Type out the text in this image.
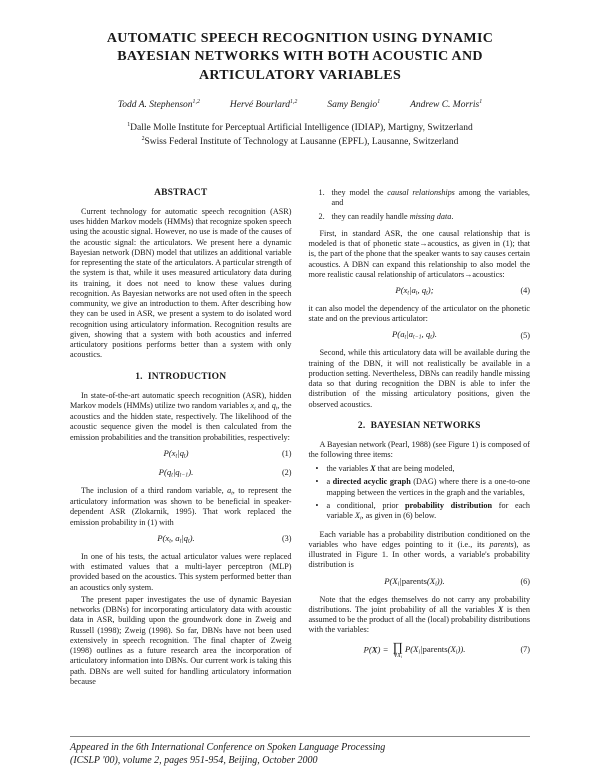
AUTOMATIC SPEECH RECOGNITION USING DYNAMIC
BAYESIAN NETWORKS WITH BOTH ACOUSTIC AND
ARTICULATORY VARIABLES
Todd A. Stephenson$^{1,2}$	Hervé Bourlard$^{1,2}$	Samy Bengio$^1$	Andrew C. Morris$^1$
$^1$Dalle Molle Institute for Perceptual Artificial Intelligence (IDIAP), Martigny, Switzerland
$^2$Swiss Federal Institute of Technology at Lausanne (EPFL), Lausanne, Switzerland
ABSTRACT

Current technology for automatic speech recognition (ASR) uses hidden Markov models (HMMs) that recognize spoken speech using the acoustic signal. However, no use is made of the causes of the acoustic signal: the articulators. We present here a dynamic Bayesian network (DBN) model that utilizes an additional variable for representing the state of the articulators. A particular strength of the system is that, while it uses measured articulatory data during its training, it does not need to know these values during recognition. As Bayesian networks are not used often in the speech community, we give an introduction to them. After describing how they can be used in ASR, we present a system to do isolated word recognition using articulatory information. Recognition results are given, showing that a system with both acoustics and inferred articulatory positions performs better than a system with only acoustics.

1.  INTRODUCTION

In state-of-the-art automatic speech recognition (ASR), hidden Markov models (HMMs) utilize two random variables xt and qt, the acoustics and the hidden state, respectively. The likelihood of the acoustic sequence given the model is then calculated from the emission probabilities and the transition probabilities, respectively:

P(xt|qt)	(1)
P(qt|qt−1).	(2)

The inclusion of a third random variable, at, to represent the articulatory information was shown to be beneficial in speaker-dependent ASR (Zlokarnik, 1995). That work replaced the emission probability in (1) with

P(xt, at|qt).	(3)

In one of his tests, the actual articulator values were replaced with estimated values that a multi-layer perceptron (MLP) provided based on the acoustics. This system performed better than an acoustics only system.

The present paper investigates the use of dynamic Bayesian networks (DBNs) for incorporating articulatory data with acoustic data in ASR, building upon the groundwork done in Zweig and Russell (1998); Zweig (1998). So far, DBNs have not been used extensively in speech recognition. The final chapter of Zweig (1998) outlines as a future research area the incorporation of articulatory information into DBNs. Our current work is taking this path. DBNs are well suited for handling articulatory information because

1. they model the causal relationships among the variables, and
2. they can readily handle missing data.

First, in standard ASR, the one causal relationship that is modeled is that of phonetic state→acoustics, as given in (1); that is, the part of the phone that the speaker wants to say causes certain acoustics. A DBN can expand this relationship to also model the more realistic causal relationship of articulators→acoustics:

P(xt|at, qt);	(4)

it can also model the dependency of the articulator on the phonetic state and on the previous articulator:

P(at|at−1, qt).	(5)

Second, while this articulatory data will be available during the training of the DBN, it will not realistically be available in a production setting. Nevertheless, DBNs can readily handle missing data so that during recognition the DBN is able to infer the distribution of the missing articulatory positions, given the observed acoustics.

2.  BAYESIAN NETWORKS

A Bayesian network (Pearl, 1988) (see Figure 1) is composed of the following three items:

• the variables X that are being modeled,
• a directed acyclic graph (DAG) where there is a one-to-one mapping between the vertices in the graph and the variables,
• a conditional, prior probability distribution for each variable Xi, as given in (6) below.

Each variable has a probability distribution conditioned on the variables who have edges pointing to it (i.e., its parents), as illustrated in Figure 1. In other words, a variable's probability distribution is

P(Xi|parents(Xi)).	(6)

Note that the edges themselves do not carry any probability distributions. The joint probability of all the variables X is then assumed to be the product of all the (local) probability distributions with the variables:

P(X) = ∏
∀Xi
P(Xi|parents(Xi)).	(7)
Appeared in the 6th International Conference on Spoken Language Processing
(ICSLP '00), volume 2, pages 951-954, Beijing, October 2000
